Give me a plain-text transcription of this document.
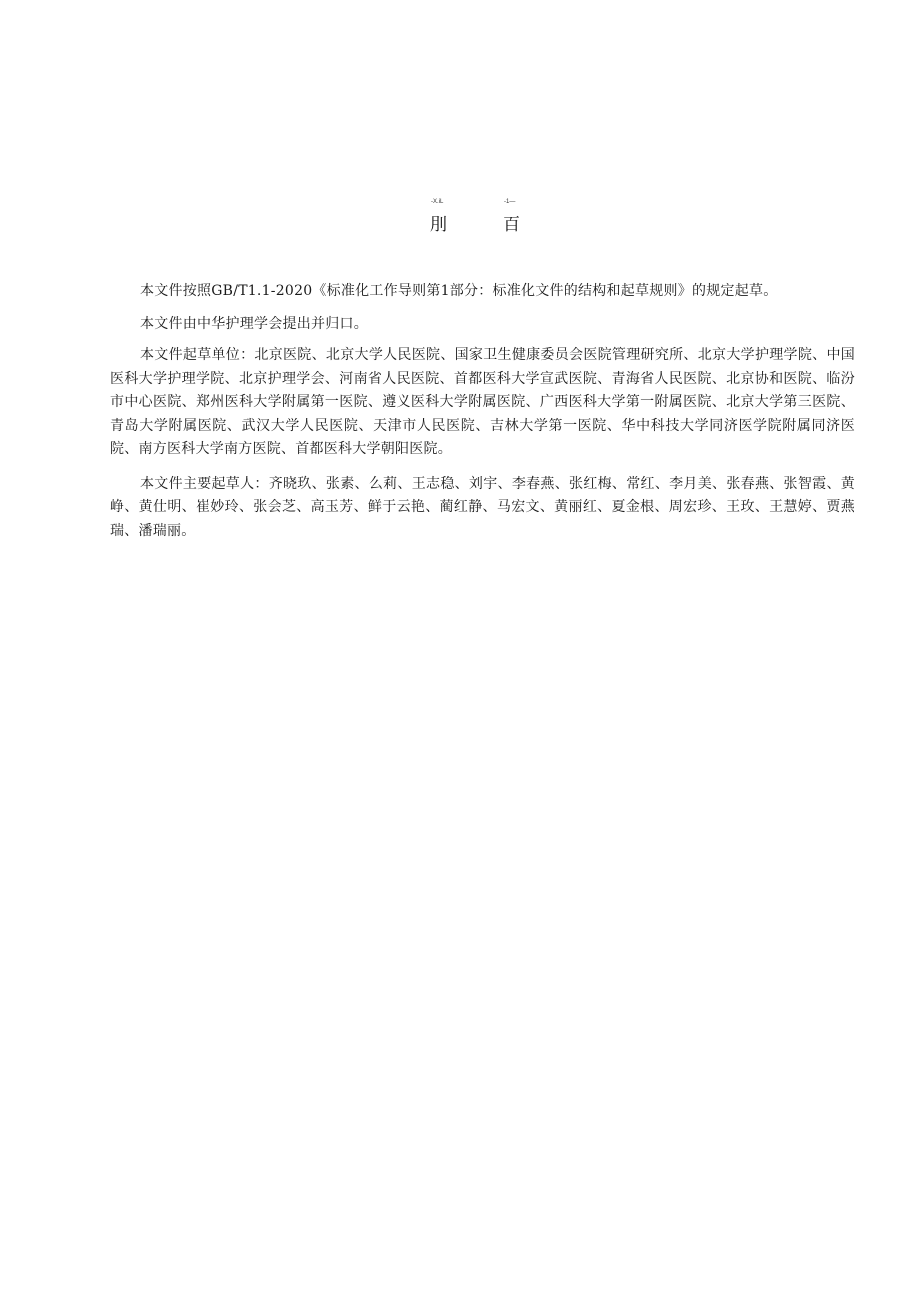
-X.iL	-1—
刖	百

本文件按照GB/T1.1-2020《标准化工作导则第1部分：标准化文件的结构和起草规则》的规定起草。

本文件由中华护理学会提出并归口。

本文件起草单位：北京医院、北京大学人民医院、国家卫生健康委员会医院管理研究所、北京大学护理学院、中国医科大学护理学院、北京护理学会、河南省人民医院、首都医科大学宣武医院、青海省人民医院、北京协和医院、临汾市中心医院、郑州医科大学附属第一医院、遵义医科大学附属医院、广西医科大学第一附属医院、北京大学第三医院、青岛大学附属医院、武汉大学人民医院、天津市人民医院、吉林大学第一医院、华中科技大学同济医学院附属同济医院、南方医科大学南方医院、首都医科大学朝阳医院。

本文件主要起草人：齐晓玖、张素、么莉、王志稳、刘宇、李春燕、张红梅、常红、李月美、张春燕、张智霞、黄峥、黄仕明、崔妙玲、张会芝、高玉芳、鲜于云艳、蔺红静、马宏文、黄丽红、夏金根、周宏珍、王玫、王慧婷、贾燕瑞、潘瑞丽。
